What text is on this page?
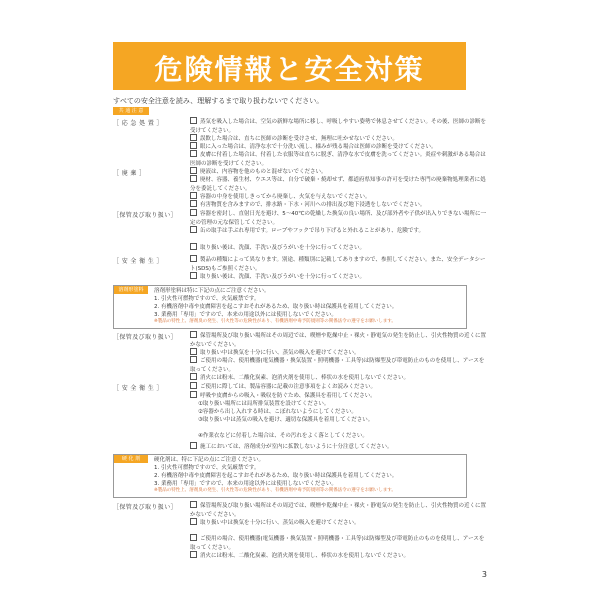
危険情報と安全対策
すべての安全注意を読み、理解するまで取り扱わないでください。
共 通 注 意
［ 応 急 処 置 ］	蒸気を吸入した場合は、空気の新鮮な場所に移し、呼吸しやすい姿勢で休息させてください。その後、医師の診断を受けてください。
誤飲した場合は、直ちに医師の診断を受けさせ、無理に吐かせないでください。
眼に入った場合は、清浄な水で十分洗い流し、様みが残る場合は医師の診断を受けてください。
皮膚に付着した場合は、付着した衣服等は直ちに脱ぎ、清浄な水で皮膚を洗ってください。炎症や刺激がある場合は医師の診断を受けてください。
［ 廃 棄 ］	廃液は、内容物を他のものと混ぜないでください。
廃材、容器、養生材、ウエス等は、自分で破棄・焼却せず、都道府県知事の許可を受けた専門の廃棄物処理業者に処分を委託してください。
容器の中身を使用しきってから廃棄し、火気を与えないでください。
有害物質を含みますので、排水路・下水・河川への排出及び地下浸透をしないでください。
［保管及び取り扱い］	容器を密封し、直射日光を避け、5〜40℃の乾燥した換気の良い場所、及び部外者や子供が出入りできない場所に一定の管理の元な保管してください。
缶の取手は手ぶれ専用です。ロープやフックで吊り下げると外れることがあり、危険です。
取り扱い後は、洗顔、手洗い及びうがいを十分に行ってください。
［ 安 全 衛 生 ］	製品の種類によって異なります。別途、種類別に記載してありますので、参照してください。また、安全データシート(SDS)もご参照ください。
取り扱い後は、洗顔、手洗い及びうがいを十分に行ってください。
溶剤形塗料	溶剤形塗料は特に下記の点にご注意ください。
1. 引火性可燃物ですので、火気厳禁です。
2. 有機溶剤中毒や皮膚障害を起こすおそれがあるため、取り扱い時は保護具を着用してください。
3. 業務用「専用」ですので、本来の用途以外には使用しないでください。
※製品の特性上、溶剤臭の発生、引火性等の危険性があり、有機溶剤中毒予防規則等の関係法令の遵守をお願いします。
［保管及び取り扱い］	保管場所及び取り扱い場所はその周辺では、喫煙や乾燥中止・裸火・静電気の発生を防止し、引火性物質の近くに置かないでください。
取り扱い中は換気を十分に行い、蒸気の吸入を避けてください。
ご使用の場合、使用機器(電気機器・換気装置・照明機器・工具等)は防爆型及び帯電防止のものを使用し、アースを取ってください。
消火には粉末、二酸化炭素、泡消火剤を使用し、棒状の水を使用しないでください。
［ 安 全 衛 生 ］	ご使用に際しては、製品容器に記載の注意事項をよくお読みください。
呼吸や皮膚からの吸入・吸収を防ぐため、保護具を着用してください。
①取り扱い場所には局所排気装置を設けてください。
②容器から出し入れする時は、こぼれないようにしてください。
③取り扱い中は蒸気の吸入を避け、適切な保護具を着用してください。
④作業衣などに付着した場合は、その汚れをよく落としてください。
施工においては、溶剤成分が室内に拡散しないように十分注意してください。
硬 化 剤	硬化剤は、特に下記の点にご注意ください。
1. 引火性可燃物ですので、火気厳禁です。
2. 有機溶剤中毒や皮膚障害を起こすおそれがあるため、取り扱い時は保護具を着用してください。
3. 業務用「専用」ですので、本来の用途以外には使用しないでください。
※製品の特性上、溶剤臭の発生、引火性等の危険性があり、有機溶剤中毒予防規則等の関係法令の遵守をお願いします。
［保管及び取り扱い］	保管場所及び取り扱い場所はその周辺では、喫煙や乾燥中止・裸火・静電気の発生を防止し、引火性物質の近くに置かないでください。
取り扱い中は換気を十分に行い、蒸気の吸入を避けてください。
ご使用の場合、使用機器(電気機器・換気装置・照明機器・工具等)は防爆型及び帯電防止のものを使用し、アースを取ってください。
消火には粉末、二酸化炭素、泡消火剤を使用し、棒状の水を使用しないでください。
3
